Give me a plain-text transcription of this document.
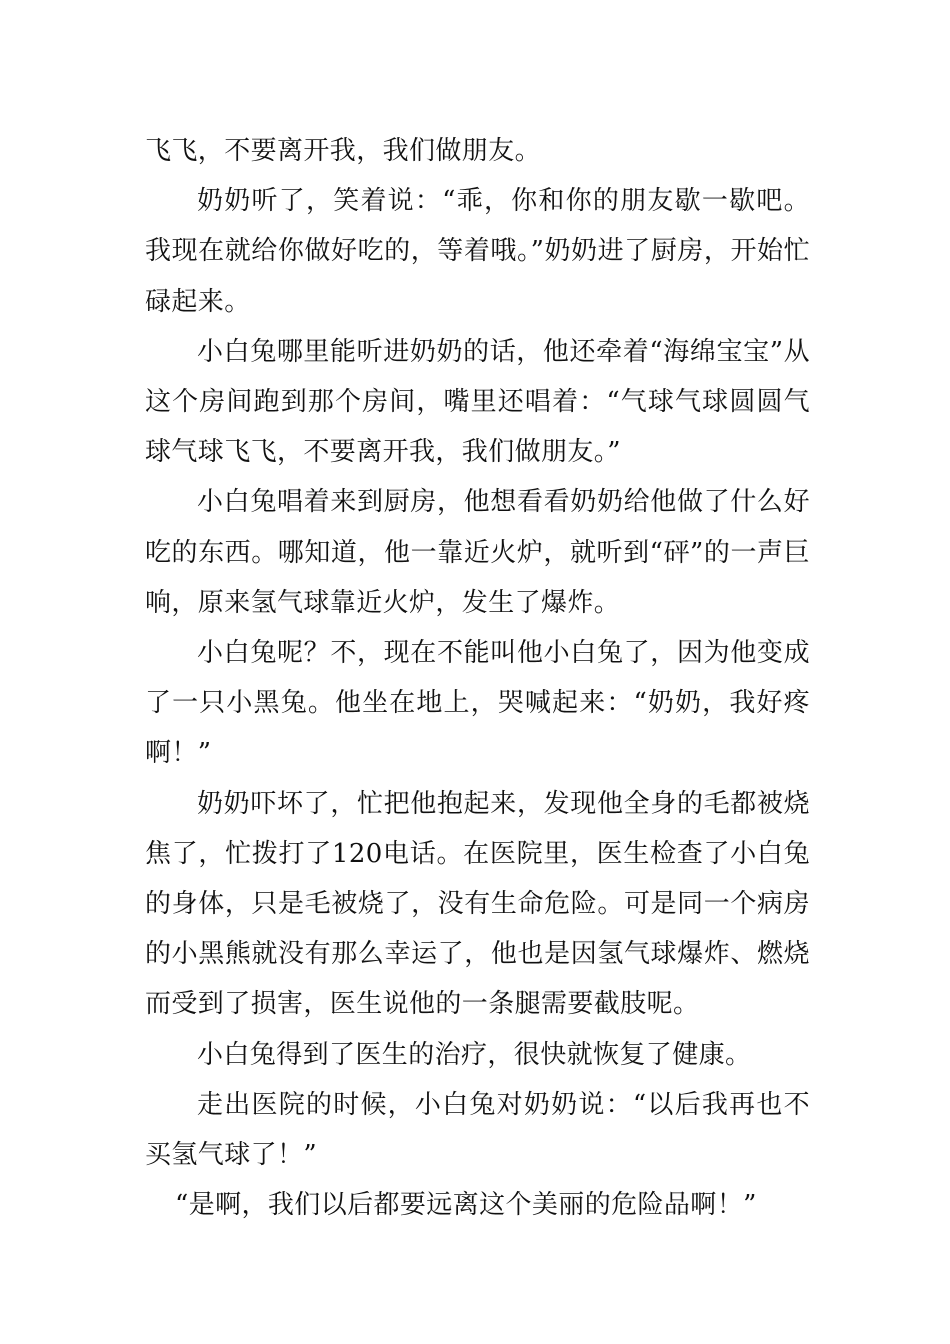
飞飞，不要离开我，我们做朋友。

奶奶听了，笑着说：“乖，你和你的朋友歇一歇吧。我现在就给你做好吃的，等着哦。”奶奶进了厨房，开始忙碌起来。

小白兔哪里能听进奶奶的话，他还牵着“海绵宝宝”从这个房间跑到那个房间，嘴里还唱着：“气球气球圆圆气球气球飞飞，不要离开我，我们做朋友。”

小白兔唱着来到厨房，他想看看奶奶给他做了什么好吃的东西。哪知道，他一靠近火炉，就听到“砰”的一声巨响，原来氢气球靠近火炉，发生了爆炸。

小白兔呢？不，现在不能叫他小白兔了，因为他变成了一只小黑兔。他坐在地上，哭喊起来：“奶奶，我好疼啊！”

奶奶吓坏了，忙把他抱起来，发现他全身的毛都被烧焦了，忙拨打了120电话。在医院里，医生检查了小白兔的身体，只是毛被烧了，没有生命危险。可是同一个病房的小黑熊就没有那么幸运了，他也是因氢气球爆炸、燃烧而受到了损害，医生说他的一条腿需要截肢呢。

小白兔得到了医生的治疗，很快就恢复了健康。

走出医院的时候，小白兔对奶奶说：“以后我再也不买氢气球了！”

“是啊，我们以后都要远离这个美丽的危险品啊！”
